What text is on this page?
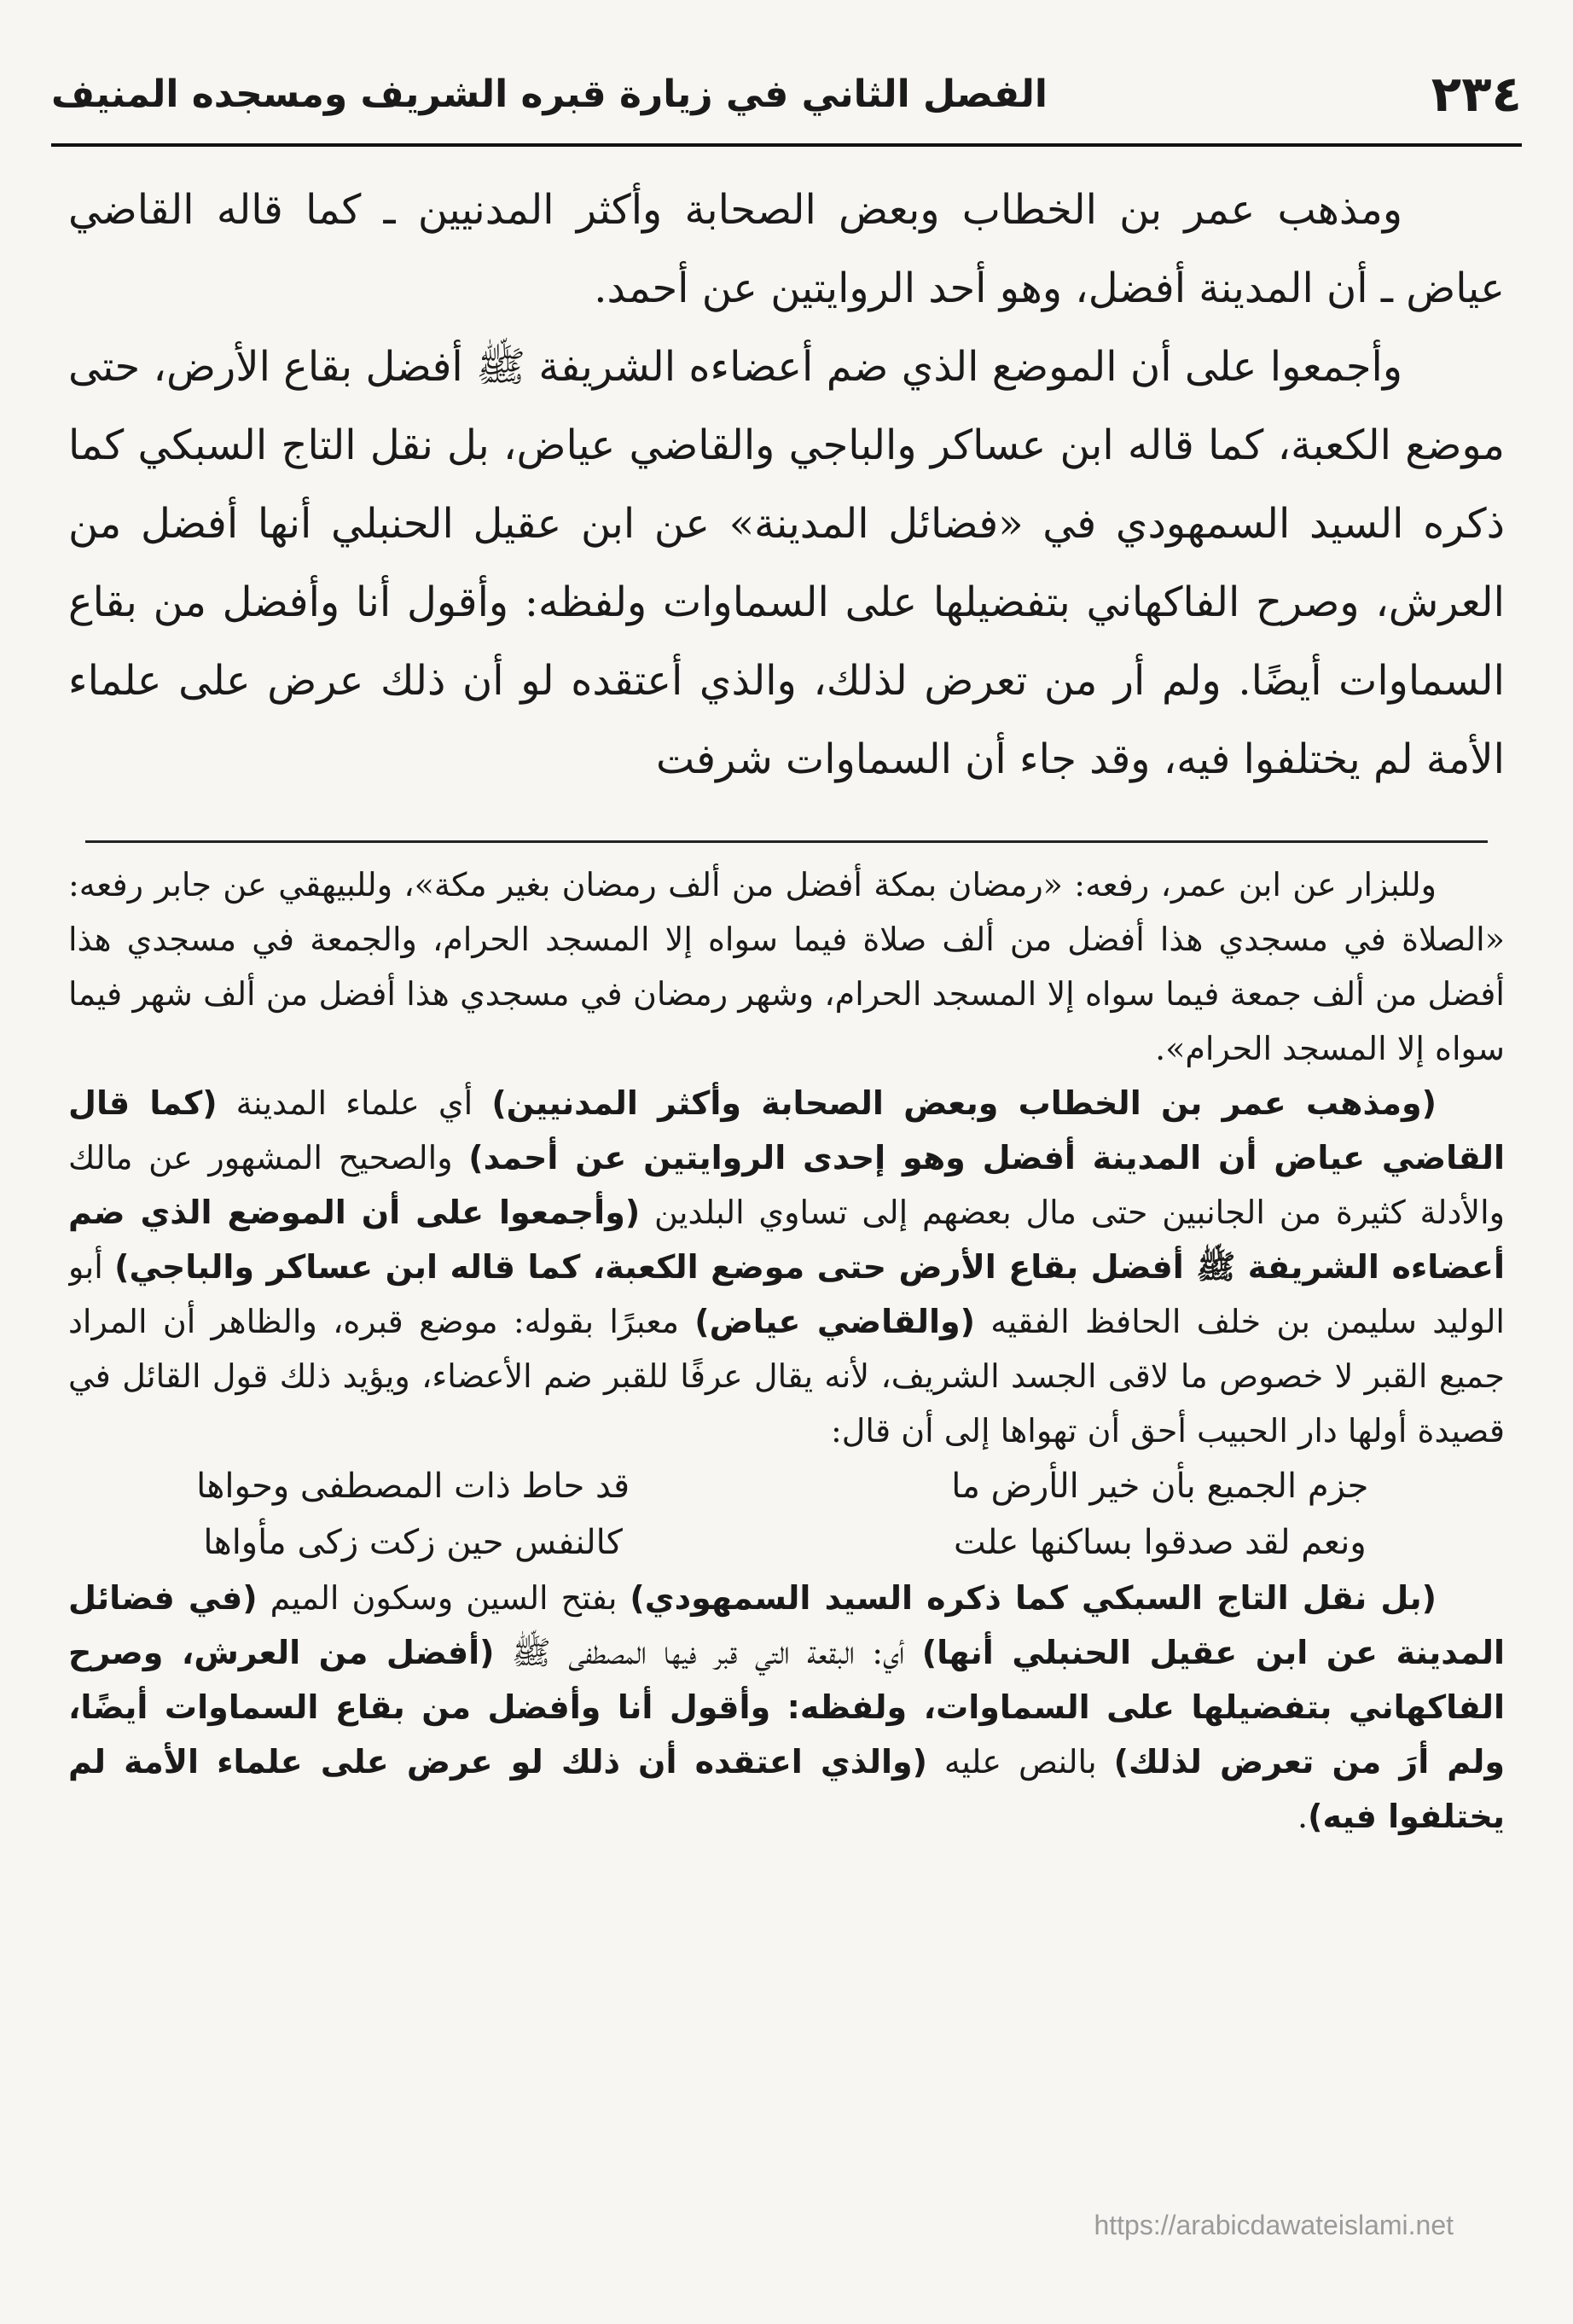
٢٣٤
الفصل الثاني في زيارة قبره الشريف ومسجده المنيف

ومذهب عمر بن الخطاب وبعض الصحابة وأكثر المدنيين ـ كما قاله القاضي عياض ـ أن المدينة أفضل، وهو أحد الروايتين عن أحمد.

وأجمعوا على أن الموضع الذي ضم أعضاءه الشريفة ﷺ أفضل بقاع الأرض، حتى موضع الكعبة، كما قاله ابن عساكر والباجي والقاضي عياض، بل نقل التاج السبكي كما ذكره السيد السمهودي في «فضائل المدينة» عن ابن عقيل الحنبلي أنها أفضل من العرش، وصرح الفاكهاني بتفضيلها على السماوات ولفظه: وأقول أنا وأفضل من بقاع السماوات أيضًا. ولم أر من تعرض لذلك، والذي أعتقده لو أن ذلك عرض على علماء الأمة لم يختلفوا فيه، وقد جاء أن السماوات شرفت

وللبزار عن ابن عمر، رفعه: «رمضان بمكة أفضل من ألف رمضان بغير مكة»، وللبيهقي عن جابر رفعه: «الصلاة في مسجدي هذا أفضل من ألف صلاة فيما سواه إلا المسجد الحرام، والجمعة في مسجدي هذا أفضل من ألف جمعة فيما سواه إلا المسجد الحرام، وشهر رمضان في مسجدي هذا أفضل من ألف شهر فيما سواه إلا المسجد الحرام».

(ومذهب عمر بن الخطاب وبعض الصحابة وأكثر المدنيين) أي علماء المدينة (كما قال القاضي عياض أن المدينة أفضل وهو إحدى الروايتين عن أحمد) والصحيح المشهور عن مالك والأدلة كثيرة من الجانبين حتى مال بعضهم إلى تساوي البلدين (وأجمعوا على أن الموضع الذي ضم أعضاءه الشريفة ﷺ أفضل بقاع الأرض حتى موضع الكعبة، كما قاله ابن عساكر والباجي) أبو الوليد سليمن بن خلف الحافظ الفقيه (والقاضي عياض) معبرًا بقوله: موضع قبره، والظاهر أن المراد جميع القبر لا خصوص ما لاقى الجسد الشريف، لأنه يقال عرفًا للقبر ضم الأعضاء، ويؤيد ذلك قول القائل في قصيدة أولها دار الحبيب أحق أن تهواها إلى أن قال:

جزم الجميع بأن خير الأرض ما
قد حاط ذات المصطفى وحواها
ونعم لقد صدقوا بساكنها علت
كالنفس حين زكت زكى مأواها

(بل نقل التاج السبكي كما ذكره السيد السمهودي) بفتح السين وسكون الميم (في فضائل المدينة عن ابن عقيل الحنبلي أنها) أي: البقعة التي قبر فيها المصطفى ﷺ (أفضل من العرش، وصرح الفاكهاني بتفضيلها على السماوات، ولفظه: وأقول أنا وأفضل من بقاع السماوات أيضًا، ولم أرَ من تعرض لذلك) بالنص عليه (والذي اعتقده أن ذلك لو عرض على علماء الأمة لم يختلفوا فيه).

https://arabicdawateislami.net
